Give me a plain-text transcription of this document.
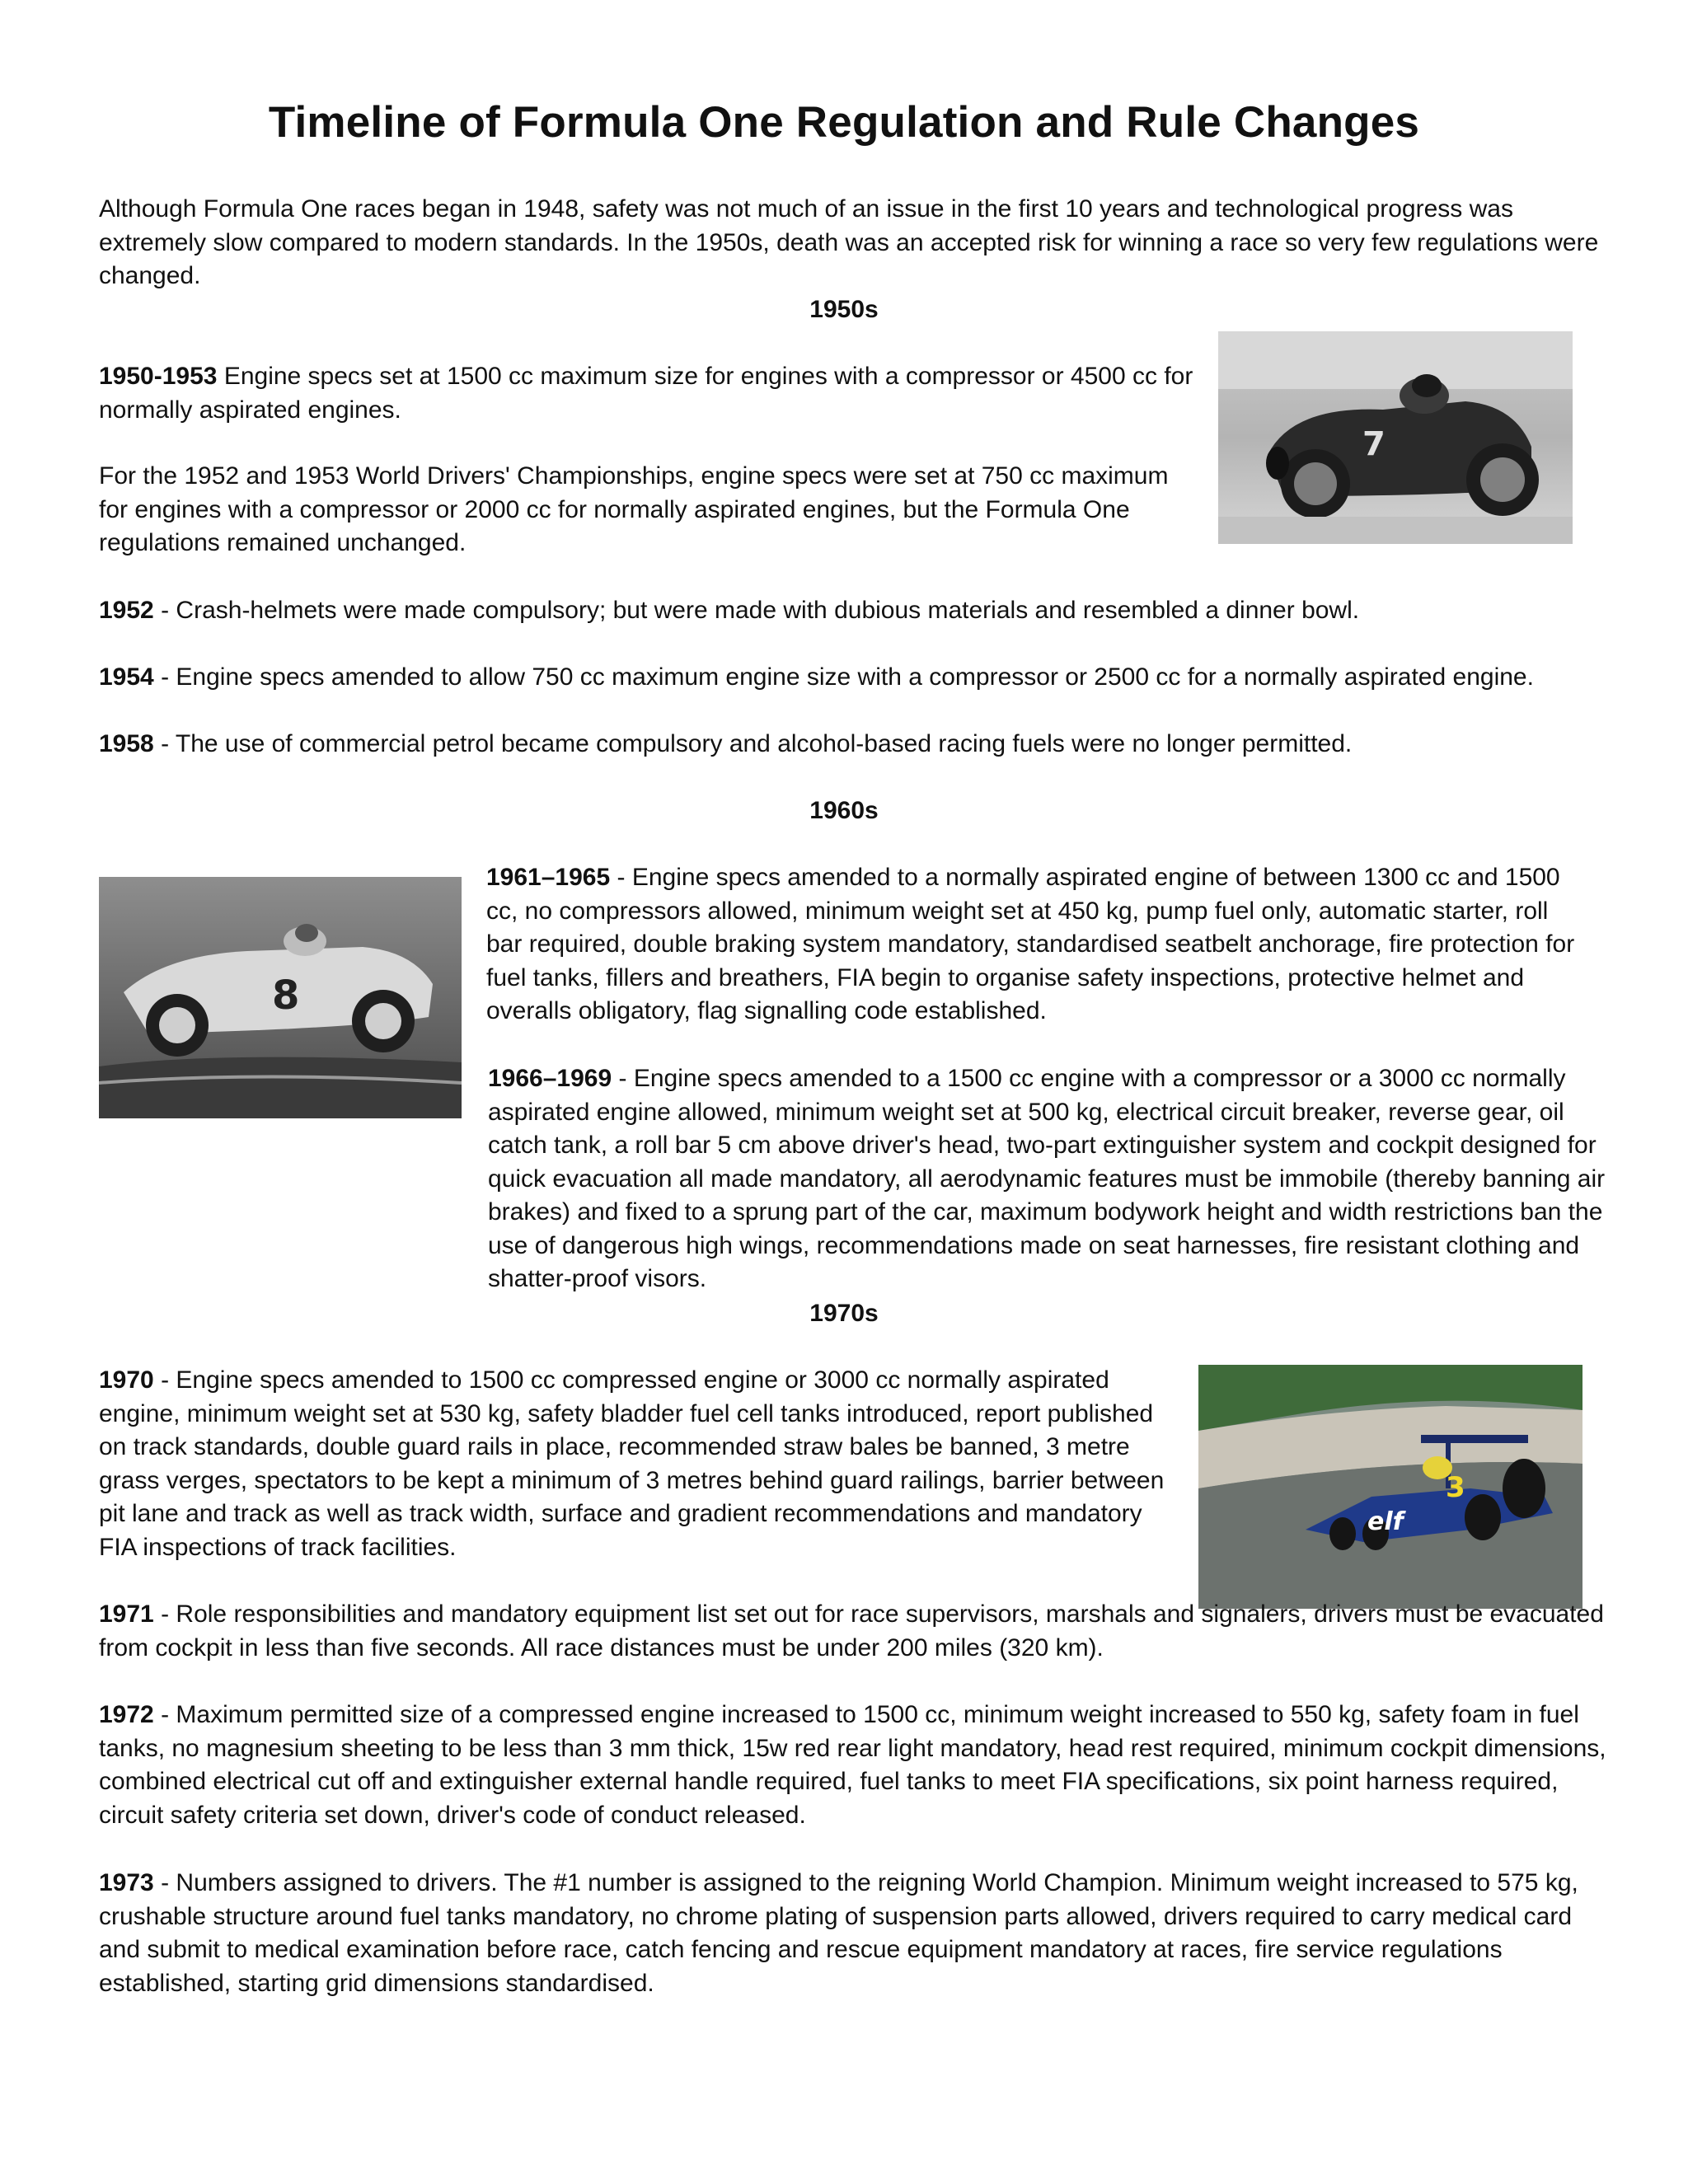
Timeline of Formula One Regulation and Rule Changes

Although Formula One races began in 1948, safety was not much of an issue in the first 10 years and technological progress was extremely slow compared to modern standards. In the 1950s, death was an accepted risk for winning a race so very few regulations were changed.

1950s

1950-1953 Engine specs set at 1500 cc maximum size for engines with a compressor or 4500 cc for normally aspirated engines.

For the 1952 and 1953 World Drivers' Championships, engine specs were set at 750 cc maximum for engines with a compressor or 2000 cc for normally aspirated engines, but the Formula One regulations remained unchanged.

7

1952 - Crash-helmets were made compulsory; but were made with dubious materials and resembled a dinner bowl.

1954 - Engine specs amended to allow 750 cc maximum engine size with a compressor or 2500 cc for a normally aspirated engine.

1958 - The use of commercial petrol became compulsory and alcohol-based racing fuels were no longer permitted.

1960s
8

1961–1965 - Engine specs amended to a normally aspirated engine of between 1300 cc and 1500 cc, no compressors allowed, minimum weight set at 450 kg, pump fuel only, automatic starter, roll bar required, double braking system mandatory, standardised seatbelt anchorage, fire protection for fuel tanks, fillers and breathers, FIA begin to organise safety inspections, protective helmet and overalls obligatory, flag signalling code established.

1966–1969 - Engine specs amended to a 1500 cc engine with a compressor or a 3000 cc normally aspirated engine allowed, minimum weight set at 500 kg, electrical circuit breaker, reverse gear, oil catch tank, a roll bar 5 cm above driver's head, two-part extinguisher system and cockpit designed for quick evacuation all made mandatory, all aerodynamic features must be immobile (thereby banning air brakes) and fixed to a sprung part of the car, maximum bodywork height and width restrictions ban the use of dangerous high wings, recommendations made on seat harnesses, fire resistant clothing and shatter-proof visors.

1970s

1970 - Engine specs amended to 1500 cc compressed engine or 3000 cc normally aspirated engine, minimum weight set at 530 kg, safety bladder fuel cell tanks introduced, report published on track standards, double guard rails in place, recommended straw bales be banned, 3 metre grass verges, spectators to be kept a minimum of 3 metres behind guard railings, barrier between pit lane and track as well as track width, surface and gradient recommendations and mandatory FIA inspections of track facilities.

3
elf

1971 - Role responsibilities and mandatory equipment list set out for race supervisors, marshals and signalers, drivers must be evacuated from cockpit in less than five seconds. All race distances must be under 200 miles (320 km).

1972 - Maximum permitted size of a compressed engine increased to 1500 cc, minimum weight increased to 550 kg, safety foam in fuel tanks, no magnesium sheeting to be less than 3 mm thick, 15w red rear light mandatory, head rest required, minimum cockpit dimensions, combined electrical cut off and extinguisher external handle required, fuel tanks to meet FIA specifications, six point harness required, circuit safety criteria set down, driver's code of conduct released.

1973 - Numbers assigned to drivers. The #1 number is assigned to the reigning World Champion. Minimum weight increased to 575 kg, crushable structure around fuel tanks mandatory, no chrome plating of suspension parts allowed, drivers required to carry medical card and submit to medical examination before race, catch fencing and rescue equipment mandatory at races, fire service regulations established, starting grid dimensions standardised.
